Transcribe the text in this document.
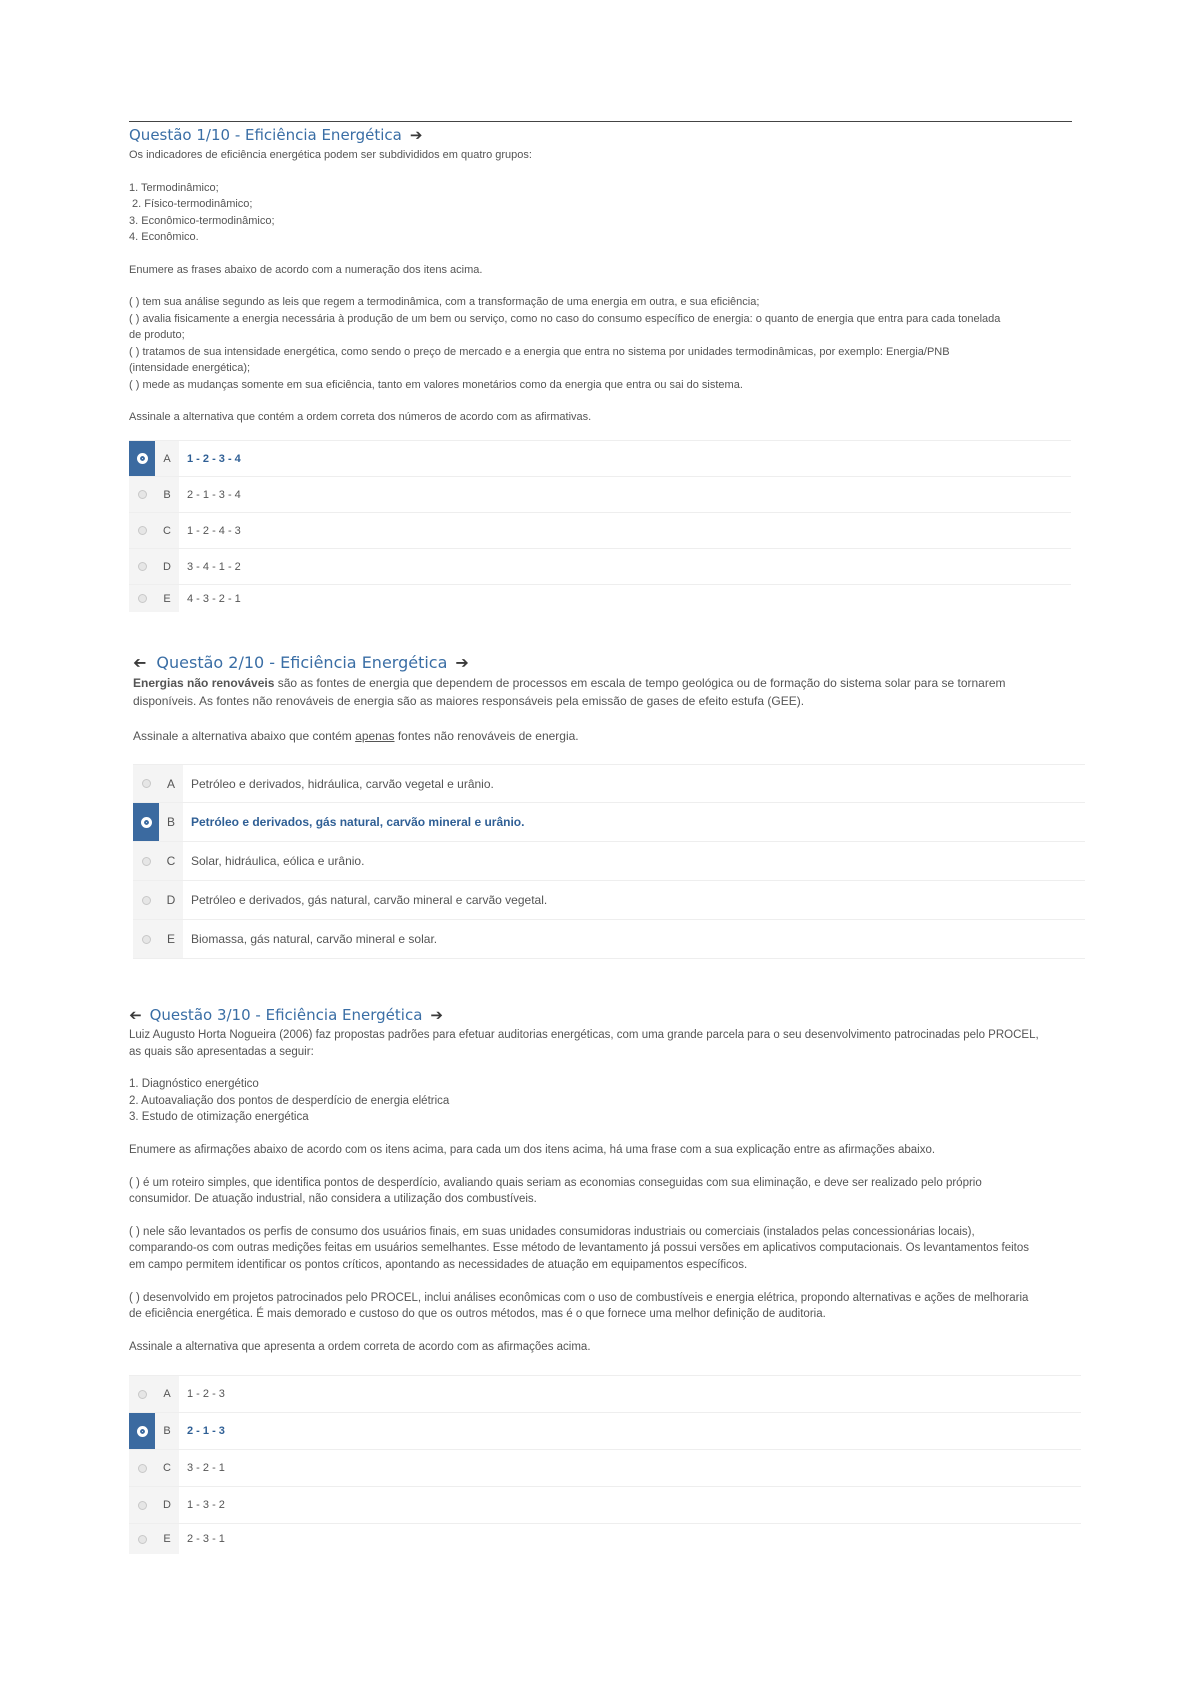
Questão 1/10 - Eficiência Energética ➔

Os indicadores de eficiência energética podem ser subdivididos em quatro grupos:

1. Termodinâmico;

2. Físico-termodinâmico;

3. Econômico-termodinâmico;

4. Econômico.

Enumere as frases abaixo de acordo com a numeração dos itens acima.

( ) tem sua análise segundo as leis que regem a termodinâmica, com a transformação de uma energia em outra, e sua eficiência;

( ) avalia fisicamente a energia necessária à produção de um bem ou serviço, como no caso do consumo específico de energia: o quanto de energia que entra para cada tonelada

de produto;

( ) tratamos de sua intensidade energética, como sendo o preço de mercado e a energia que entra no sistema por unidades termodinâmicas, por exemplo: Energia/PNB

(intensidade energética);

( ) mede as mudanças somente em sua eficiência, tanto em valores monetários como da energia que entra ou sai do sistema.

Assinale a alternativa que contém a ordem correta dos números de acordo com as afirmativas.

A	1 - 2 - 3 - 4
B	2 - 1 - 3 - 4
C	1 - 2 - 4 - 3
D	3 - 4 - 1 - 2
E	4 - 3 - 2 - 1
➔ Questão 2/10 - Eficiência Energética ➔

Energias não renováveis são as fontes de energia que dependem de processos em escala de tempo geológica ou de formação do sistema solar para se tornarem

disponíveis. As fontes não renováveis de energia são as maiores responsáveis pela emissão de gases de efeito estufa (GEE).

Assinale a alternativa abaixo que contém apenas fontes não renováveis de energia.

A	Petróleo e derivados, hidráulica, carvão vegetal e urânio.
B	Petróleo e derivados, gás natural, carvão mineral e urânio.
C	Solar, hidráulica, eólica e urânio.
D	Petróleo e derivados, gás natural, carvão mineral e carvão vegetal.
E	Biomassa, gás natural, carvão mineral e solar.
➔ Questão 3/10 - Eficiência Energética ➔

Luiz Augusto Horta Nogueira (2006) faz propostas padrões para efetuar auditorias energéticas, com uma grande parcela para o seu desenvolvimento patrocinadas pelo PROCEL,

as quais são apresentadas a seguir:

1. Diagnóstico energético

2. Autoavaliação dos pontos de desperdício de energia elétrica

3. Estudo de otimização energética

Enumere as afirmações abaixo de acordo com os itens acima, para cada um dos itens acima, há uma frase com a sua explicação entre as afirmações abaixo.

( ) é um roteiro simples, que identifica pontos de desperdício, avaliando quais seriam as economias conseguidas com sua eliminação, e deve ser realizado pelo próprio

consumidor. De atuação industrial, não considera a utilização dos combustíveis.

( ) nele são levantados os perfis de consumo dos usuários finais, em suas unidades consumidoras industriais ou comerciais (instalados pelas concessionárias locais),

comparando-os com outras medições feitas em usuários semelhantes. Esse método de levantamento já possui versões em aplicativos computacionais. Os levantamentos feitos

em campo permitem identificar os pontos críticos, apontando as necessidades de atuação em equipamentos específicos.

( ) desenvolvido em projetos patrocinados pelo PROCEL, inclui análises econômicas com o uso de combustíveis e energia elétrica, propondo alternativas e ações de melhoraria

de eficiência energética. É mais demorado e custoso do que os outros métodos, mas é o que fornece uma melhor definição de auditoria.

Assinale a alternativa que apresenta a ordem correta de acordo com as afirmações acima.

A	1 - 2 - 3
B	2 - 1 - 3
C	3 - 2 - 1
D	1 - 3 - 2
E	2 - 3 - 1
